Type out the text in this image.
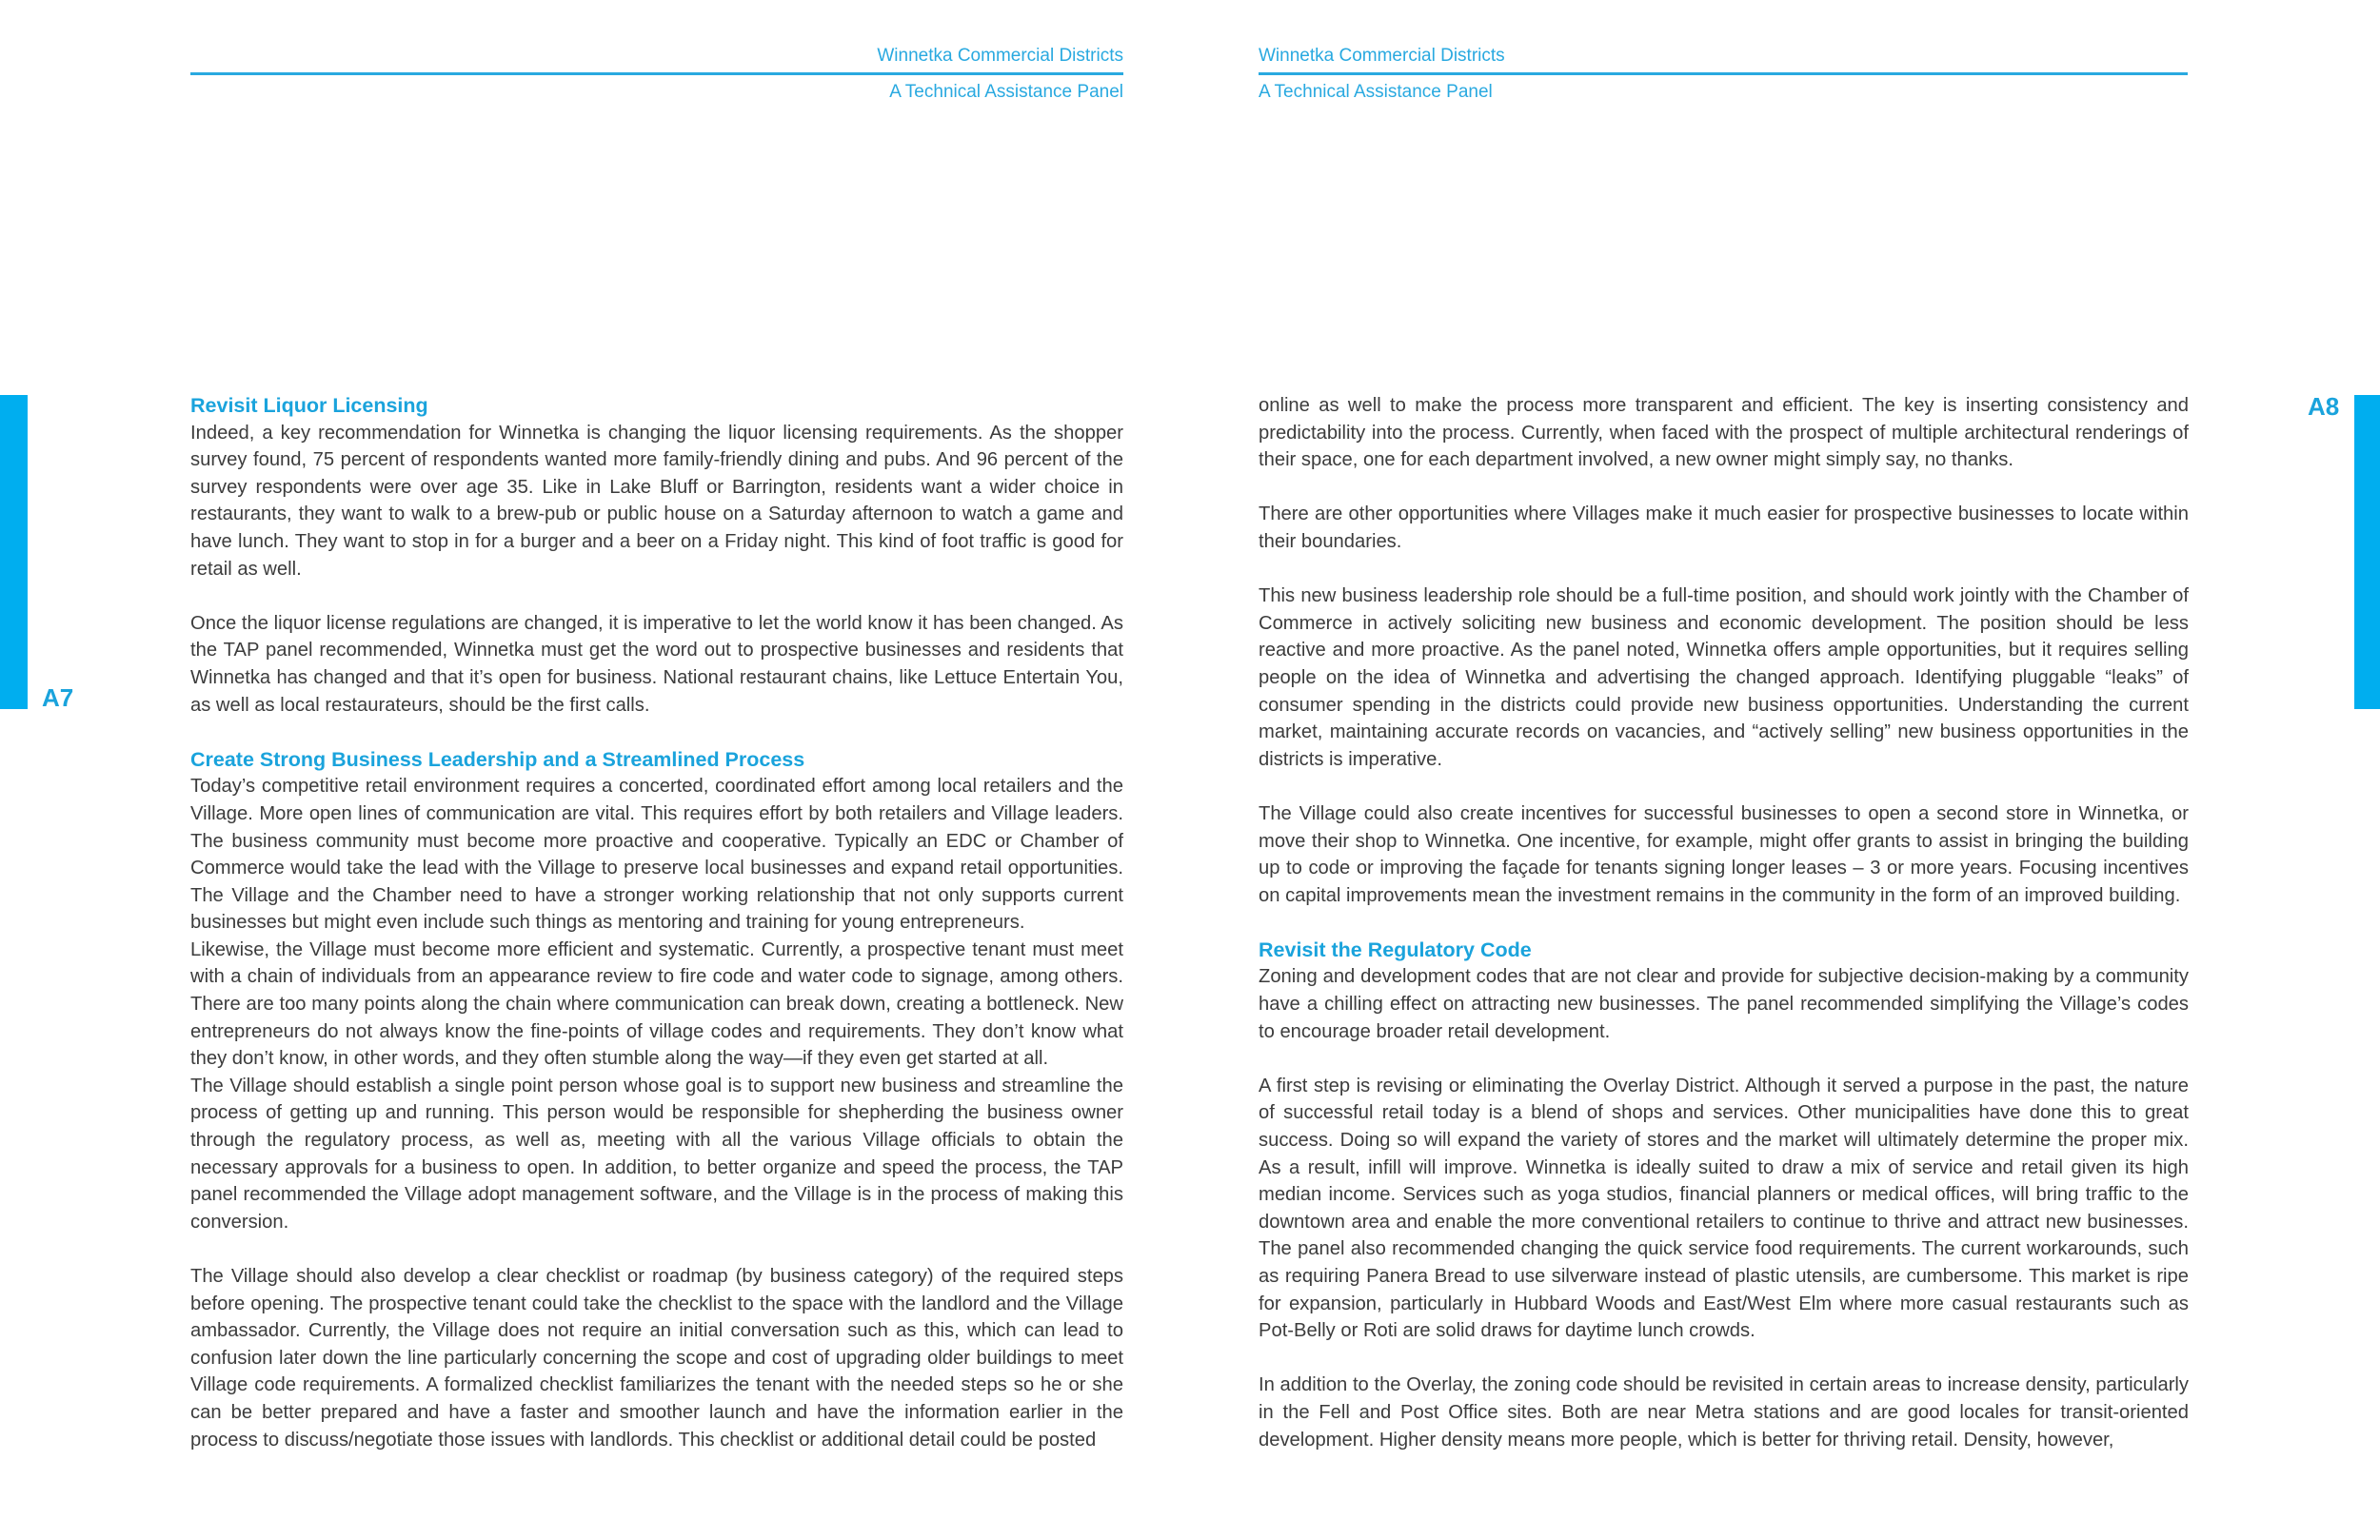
Winnetka Commercial Districts
A Technical Assistance Panel
Winnetka Commercial Districts
A Technical Assistance Panel
A7
A8
Revisit Liquor Licensing

Indeed, a key recommendation for Winnetka is changing the liquor licensing requirements. As the shopper survey found, 75 percent of respondents wanted more family-friendly dining and pubs. And 96 percent of the survey respondents were over age 35. Like in Lake Bluff or Barrington, residents want a wider choice in restaurants, they want to walk to a brew-pub or public house on a Saturday afternoon to watch a game and have lunch. They want to stop in for a burger and a beer on a Friday night. This kind of foot traffic is good for retail as well.

Once the liquor license regulations are changed, it is imperative to let the world know it has been changed. As the TAP panel recommended, Winnetka must get the word out to prospective businesses and residents that Winnetka has changed and that it’s open for business. National restaurant chains, like Lettuce Entertain You, as well as local restaurateurs, should be the first calls.

Create Strong Business Leadership and a Streamlined Process

Today’s competitive retail environment requires a concerted, coordinated effort among local retailers and the Village. More open lines of communication are vital. This requires effort by both retailers and Village leaders. The business community must become more proactive and cooperative. Typically an EDC or Chamber of Commerce would take the lead with the Village to preserve local businesses and expand retail opportunities. The Village and the Chamber need to have a stronger working relationship that not only supports current businesses but might even include such things as mentoring and training for young entrepreneurs.

Likewise, the Village must become more efficient and systematic. Currently, a prospective tenant must meet with a chain of individuals from an appearance review to fire code and water code to signage, among others. There are too many points along the chain where communication can break down, creating a bottleneck. New entrepreneurs do not always know the fine-points of village codes and requirements. They don’t know what they don’t know, in other words, and they often stumble along the way—if they even get started at all.

The Village should establish a single point person whose goal is to support new business and streamline the process of getting up and running. This person would be responsible for shepherding the business owner through the regulatory process, as well as, meeting with all the various Village officials to obtain the necessary approvals for a business to open. In addition, to better organize and speed the process, the TAP panel recommended the Village adopt management software, and the Village is in the process of making this conversion.

The Village should also develop a clear checklist or roadmap (by business category) of the required steps before opening. The prospective tenant could take the checklist to the space with the landlord and the Village ambassador. Currently, the Village does not require an initial conversation such as this, which can lead to confusion later down the line particularly concerning the scope and cost of upgrading older buildings to meet Village code requirements. A formalized checklist familiarizes the tenant with the needed steps so he or she can be better prepared and have a faster and smoother launch and have the information earlier in the process to discuss/negotiate those issues with landlords. This checklist or additional detail could be posted

online as well to make the process more transparent and efficient. The key is inserting consistency and predictability into the process. Currently, when faced with the prospect of multiple architectural renderings of their space, one for each department involved, a new owner might simply say, no thanks.

There are other opportunities where Villages make it much easier for prospective businesses to locate within their boundaries.

This new business leadership role should be a full-time position, and should work jointly with the Chamber of Commerce in actively soliciting new business and economic development. The position should be less reactive and more proactive. As the panel noted, Winnetka offers ample opportunities, but it requires selling people on the idea of Winnetka and advertising the changed approach. Identifying pluggable “leaks” of consumer spending in the districts could provide new business opportunities. Understanding the current market, maintaining accurate records on vacancies, and “actively selling” new business opportunities in the districts is imperative.

The Village could also create incentives for successful businesses to open a second store in Winnetka, or move their shop to Winnetka. One incentive, for example, might offer grants to assist in bringing the building up to code or improving the façade for tenants signing longer leases – 3 or more years. Focusing incentives on capital improvements mean the investment remains in the community in the form of an improved building.

Revisit the Regulatory Code

Zoning and development codes that are not clear and provide for subjective decision-making by a community have a chilling effect on attracting new businesses. The panel recommended simplifying the Village’s codes to encourage broader retail development.

A first step is revising or eliminating the Overlay District. Although it served a purpose in the past, the nature of successful retail today is a blend of shops and services. Other municipalities have done this to great success. Doing so will expand the variety of stores and the market will ultimately determine the proper mix. As a result, infill will improve. Winnetka is ideally suited to draw a mix of service and retail given its high median income. Services such as yoga studios, financial planners or medical offices, will bring traffic to the downtown area and enable the more conventional retailers to continue to thrive and attract new businesses. The panel also recommended changing the quick service food requirements. The current workarounds, such as requiring Panera Bread to use silverware instead of plastic utensils, are cumbersome. This market is ripe for expansion, particularly in Hubbard Woods and East/West Elm where more casual restaurants such as Pot-Belly or Roti are solid draws for daytime lunch crowds.

In addition to the Overlay, the zoning code should be revisited in certain areas to increase density, particularly in the Fell and Post Office sites. Both are near Metra stations and are good locales for transit-oriented development. Higher density means more people, which is better for thriving retail. Density, however,
